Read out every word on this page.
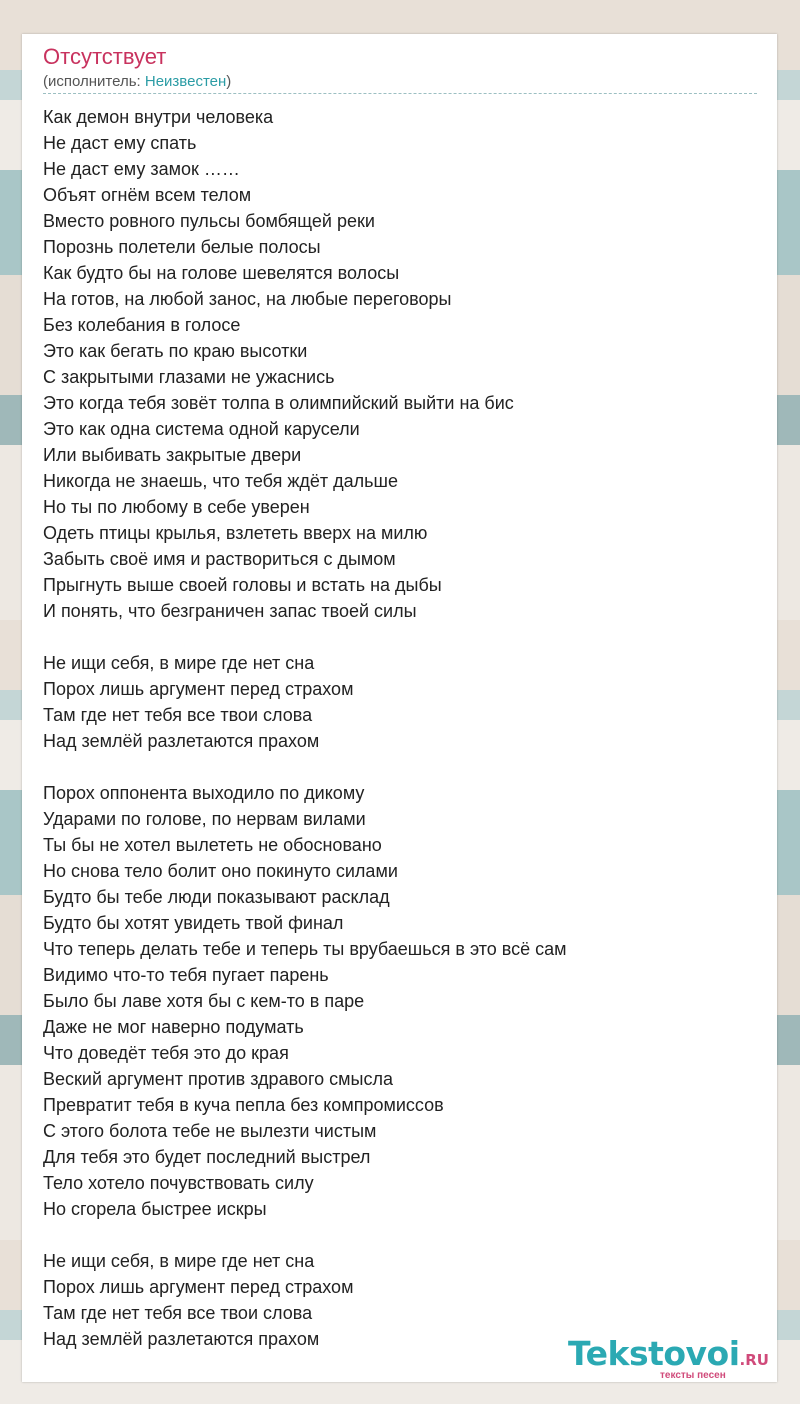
Отсутствует
(исполнитель: Неизвестен)
Как демон внутри человека
Не даст ему спать
Не даст ему замок ……
Объят огнём всем телом
Вместо ровного пульсы бомбящей реки
Порознь полетели белые полосы
Как будто бы на голове шевелятся волосы
На готов, на любой занос, на любые переговоры
Без колебания в голосе
Это как бегать по краю высотки
С закрытыми глазами не ужаснись
Это когда тебя зовёт толпа в олимпийский выйти на бис
Это как одна система одной карусели
Или выбивать закрытые двери
Никогда не знаешь, что тебя ждёт дальше
Но ты по любому в себе уверен
Одеть птицы крылья, взлететь вверх на милю
Забыть своё имя и раствориться с дымом
Прыгнуть выше своей головы и встать на дыбы
И понять, что безграничен запас твоей силы
Не ищи себя, в мире где нет сна
Порох лишь аргумент перед страхом
Там где нет тебя все твои слова
Над землёй разлетаются прахом
Порох оппонента выходило по дикому
Ударами по голове, по нервам вилами
Ты бы не хотел вылететь не обосновано
Но снова тело болит оно покинуто силами
Будто бы тебе люди показывают расклад
Будто бы хотят увидеть твой финал
Что теперь делать тебе и теперь ты врубаешься в это всё сам
Видимо что-то тебя пугает парень
Было бы лаве хотя бы с кем-то в паре
Даже не мог наверно подумать
Что доведёт тебя это до края
Веский аргумент против здравого смысла
Превратит тебя в куча пепла без компромиссов
С этого болота тебе не вылезти чистым
Для тебя это будет последний выстрел
Тело хотело почувствовать силу
Но сгорела быстрее искры
Не ищи себя, в мире где нет сна
Порох лишь аргумент перед страхом
Там где нет тебя все твои слова
Над землёй разлетаются прахом	Tekstovoi.RU
тексты песен
